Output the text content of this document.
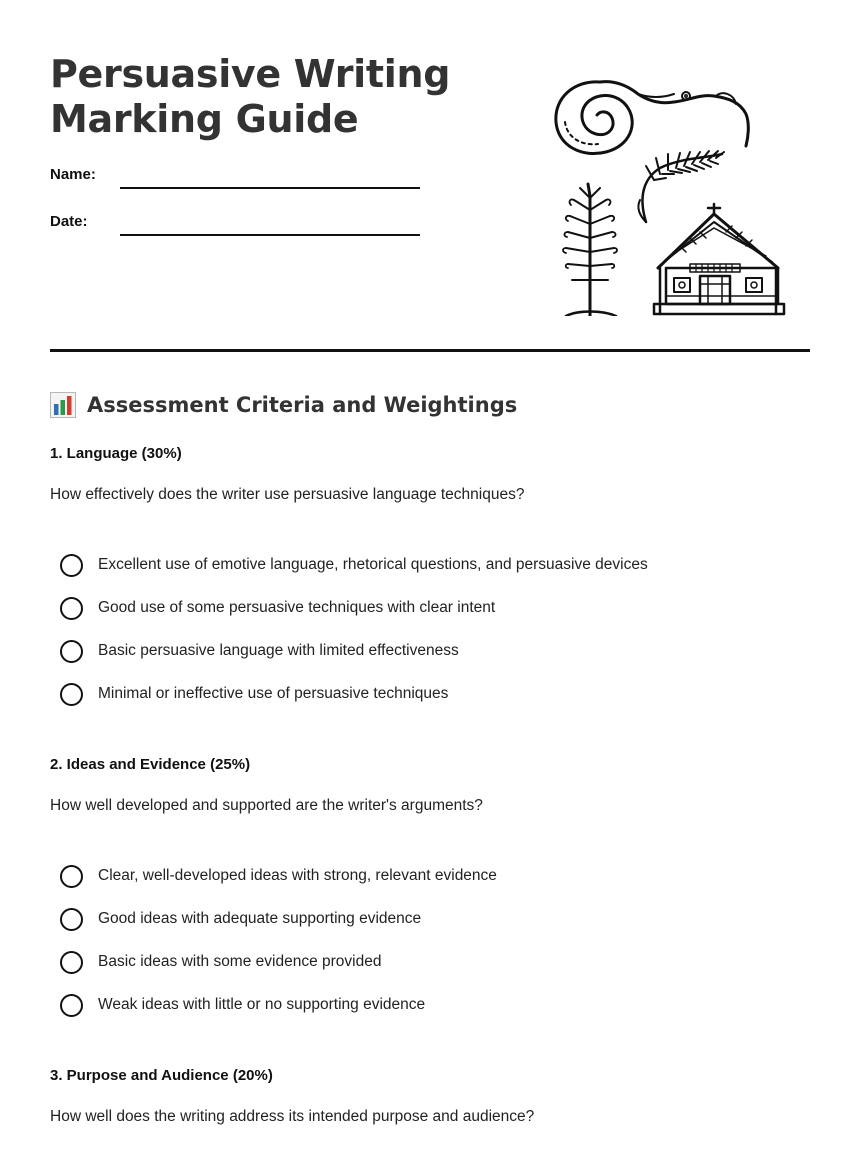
Persuasive Writing
Marking Guide
Name:
Date:
Assessment Criteria and Weightings
1. Language (30%)
How effectively does the writer use persuasive language techniques?
Excellent use of emotive language, rhetorical questions, and persuasive devices
Good use of some persuasive techniques with clear intent
Basic persuasive language with limited effectiveness
Minimal or ineffective use of persuasive techniques
2. Ideas and Evidence (25%)
How well developed and supported are the writer's arguments?
Clear, well-developed ideas with strong, relevant evidence
Good ideas with adequate supporting evidence
Basic ideas with some evidence provided
Weak ideas with little or no supporting evidence
3. Purpose and Audience (20%)
How well does the writing address its intended purpose and audience?
